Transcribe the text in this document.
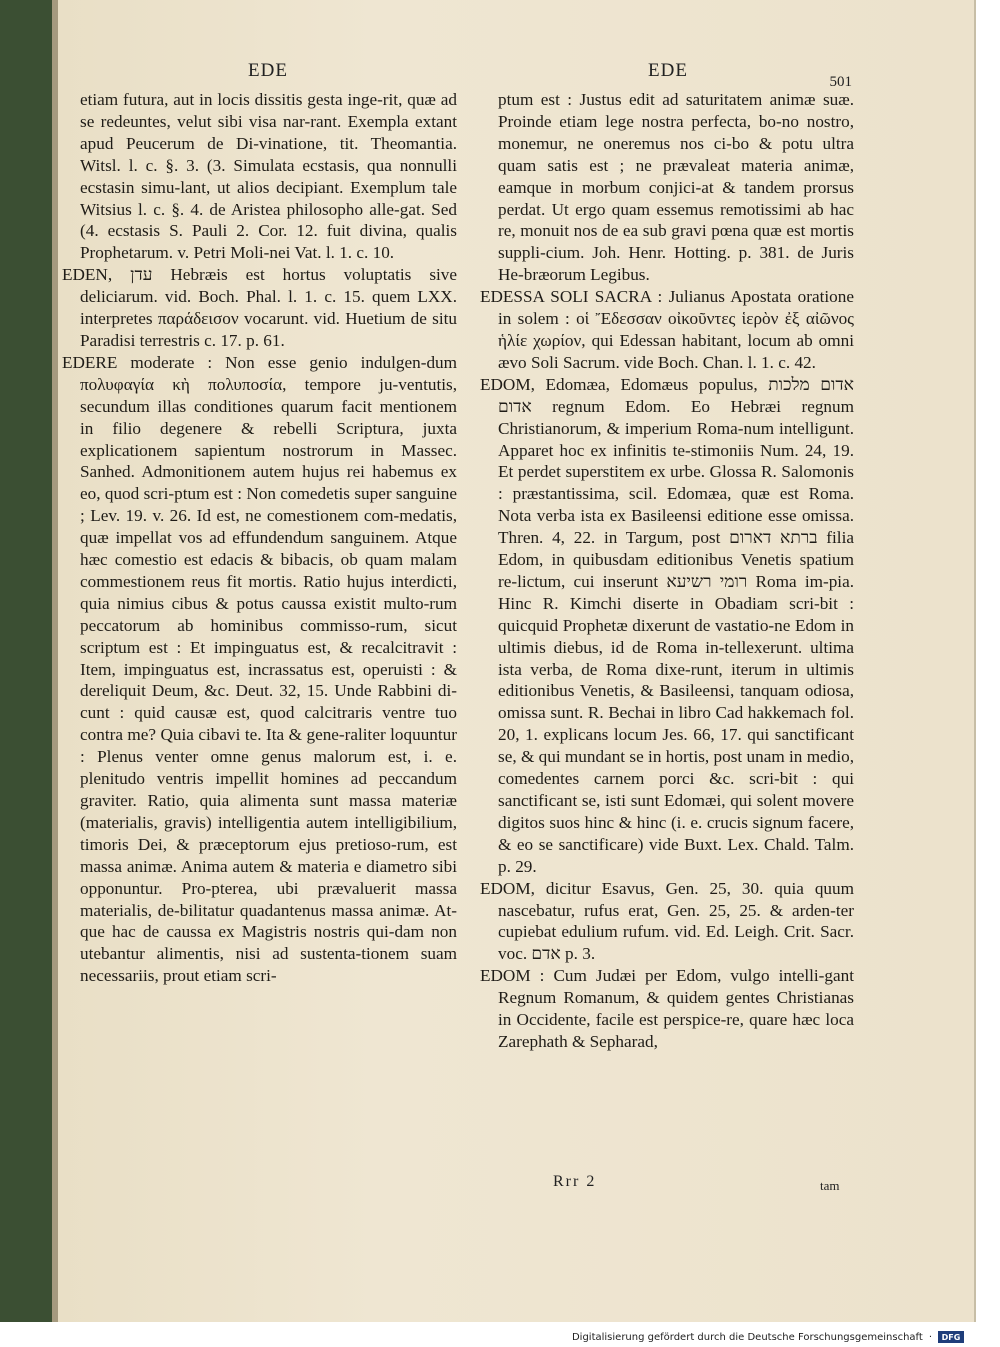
EDE	EDE
501

etiam futura, aut in locis dissitis gesta inge-rit, quæ ad se redeuntes, velut sibi visa nar-rant. Exempla extant apud Peucerum de Di-vinatione, tit. Theomantia. Witsl. l. c. §. 3. (3. Simulata ecstasis, qua nonnulli ecstasin simu-lant, ut alios decipiant. Exemplum tale Witsius l. c. §. 4. de Aristea philosopho alle-gat. Sed (4. ecstasis S. Pauli 2. Cor. 12. fuit divina, qualis Prophetarum. v. Petri Moli-nei Vat. l. 1. c. 10.

EDEN, עדן Hebræis est hortus voluptatis sive deliciarum. vid. Boch. Phal. l. 1. c. 15. quem LXX. interpretes παράδεισον vocarunt. vid. Huetium de situ Paradisi terrestris c. 17. p. 61.

EDERE moderate : Non esse genio indulgen-dum πολυφαγία κὴ πολυποσία, tempore ju-ventutis, secundum illas conditiones quarum facit mentionem in filio degenere & rebelli Scriptura, juxta explicationem sapientum nostrorum in Massec. Sanhed. Admonitionem autem hujus rei habemus ex eo, quod scri-ptum est : Non comedetis super sanguine ; Lev. 19. v. 26. Id est, ne comestionem com-medatis, quæ impellat vos ad effundendum sanguinem. Atque hæc comestio est edacis & bibacis, ob quam malam commestionem reus fit mortis. Ratio hujus interdicti, quia nimius cibus & potus caussa existit multo-rum peccatorum ab hominibus commisso-rum, sicut scriptum est : Et impinguatus est, & recalcitravit : Item, impinguatus est, incrassatus est, operuisti : & dereliquit Deum, &c. Deut. 32, 15. Unde Rabbini di-cunt : quid causæ est, quod calcitraris ventre tuo contra me? Quia cibavi te. Ita & gene-raliter loquuntur : Plenus venter omne genus malorum est, i. e. plenitudo ventris impellit homines ad peccandum graviter. Ratio, quia alimenta sunt massa materiæ (materialis, gravis) intelligentia autem intelligibilium, timoris Dei, & præceptorum ejus pretioso-rum, est massa animæ. Anima autem & materia e diametro sibi opponuntur. Pro-pterea, ubi prævaluerit massa materialis, de-bilitatur quadantenus massa animæ. At-que hac de caussa ex Magistris nostris qui-dam non utebantur alimentis, nisi ad sustenta-tionem suam necessariis, prout etiam scri-

ptum est : Justus edit ad saturitatem animæ suæ. Proinde etiam lege nostra perfecta, bo-no nostro, monemur, ne oneremus nos ci-bo & potu ultra quam satis est ; ne prævaleat materia animæ, eamque in morbum conjici-at & tandem prorsus perdat. Ut ergo quam essemus remotissimi ab hac re, monuit nos de ea sub gravi pœna quæ est mortis suppli-cium. Joh. Henr. Hotting. p. 381. de Juris He-bræorum Legibus.

EDESSA SOLI SACRA : Julianus Apostata oratione in solem : οἱ Ἔδεσσαν οἰκοῦντες ἱερὸν ἐξ αἰῶνος ἡλίε χωρίον, qui Edessan habitant, locum ab omni ævo Soli Sacrum. vide Boch. Chan. l. 1. c. 42.

EDOM, Edomæa, Edomæus populus, אדום מלכות אדום regnum Edom. Eo Hebræi regnum Christianorum, & imperium Roma-num intelligunt. Apparet hoc ex infinitis te-stimoniis Num. 24, 19. Et perdet superstitem ex urbe. Glossa R. Salomonis : præstantissima, scil. Edomæa, quæ est Roma. Nota verba ista ex Basileensi editione esse omissa. Thren. 4, 22. in Targum, post ברתא דארום filia Edom, in quibusdam editionibus Venetis spatium re-lictum, cui inserunt רומי רשיעא Roma im-pia. Hinc R. Kimchi diserte in Obadiam scri-bit : quicquid Prophetæ dixerunt de vastatio-ne Edom in ultimis diebus, id de Roma in-tellexerunt. ultima ista verba, de Roma dixe-runt, iterum in ultimis editionibus Venetis, & Basileensi, tanquam odiosa, omissa sunt. R. Bechai in libro Cad hakkemach fol. 20, 1. explicans locum Jes. 66, 17. qui sanctificant se, & qui mundant se in hortis, post unam in medio, comedentes carnem porci &c. scri-bit : qui sanctificant se, isti sunt Edomæi, qui solent movere digitos suos hinc & hinc (i. e. crucis signum facere, & eo se sanctificare) vide Buxt. Lex. Chald. Talm. p. 29.

EDOM, dicitur Esavus, Gen. 25, 30. quia quum nascebatur, rufus erat, Gen. 25, 25. & arden-ter cupiebat edulium rufum. vid. Ed. Leigh. Crit. Sacr. voc. אדם p. 3.

EDOM : Cum Judæi per Edom, vulgo intelli-gant Regnum Romanum, & quidem gentes Christianas in Occidente, facile est perspice-re, quare hæc loca Zarephath & Sepharad,

Rrr 2	tam
Digitalisierung gefördert durch die Deutsche Forschungsgemeinschaft ·	DFG
